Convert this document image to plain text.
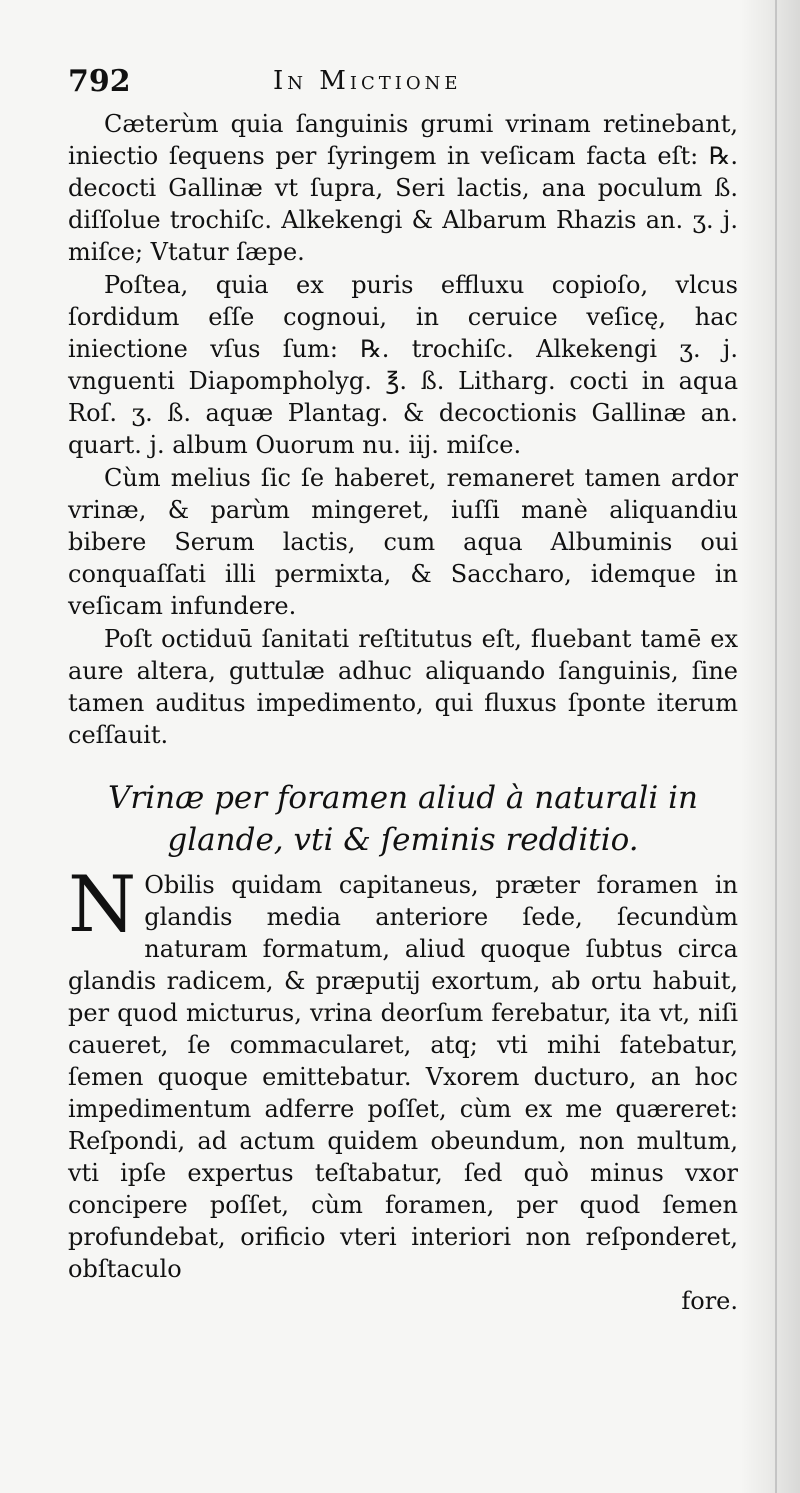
792	In Mictione

Cæterùm quia ſanguinis grumi vrinam retinebant, iniectio ſequens per ſyringem in veſicam facta eſt: ℞. decocti Gallinæ vt ſupra, Seri lactis, ana poculum ß. diſſolue trochiſc. Alkekengi & Albarum Rhazis an. ʒ. j. miſce; Vtatur ſæpe.

Poſtea, quia ex puris effluxu copioſo, vlcus ſordidum eſſe cognoui, in ceruice veſicę, hac iniectione vſus ſum: ℞. trochiſc. Alkekengi ʒ. j. vnguenti Diapompholyg. ℥. ß. Litharg. cocti in aqua Roſ. ʒ. ß. aquæ Plantag. & decoctionis Gallinæ an. quart. j. album Ouorum nu. iij. miſce.

Cùm melius ſic ſe haberet, remaneret tamen ardor vrinæ, & parùm mingeret, iuſſi manè aliquandiu bibere Serum lactis, cum aqua Albuminis oui conquaſſati illi permixta, & Saccharo, idemque in veſicam infundere.

Poſt octiduū ſanitati reſtitutus eſt, fluebant tamē ex aure altera, guttulæ adhuc aliquando ſanguinis, ſine tamen auditus impedimento, qui fluxus ſponte iterum ceſſauit.

Vrinæ per foramen aliud à naturali in
glande, vti & ſeminis redditio.
N Obilis quidam capitaneus, præter foramen in glandis media anteriore ſede, ſecundùm naturam formatum, aliud quoque ſubtus circa glandis radicem, & præputij exortum, ab ortu habuit, per quod micturus, vrina deorſum ferebatur, ita vt, niſi caueret, ſe commacularet, atq; vti mihi fatebatur, ſemen quoque emittebatur. Vxorem ducturo, an hoc impedimentum adferre poſſet, cùm ex me quæreret: Reſpondi, ad actum quidem obeundum, non multum, vti ipſe expertus teſtabatur, ſed quò minus vxor concipere poſſet, cùm foramen, per quod ſemen profundebat, orificio vteri interiori non reſponderet, obſtaculo
fore.
